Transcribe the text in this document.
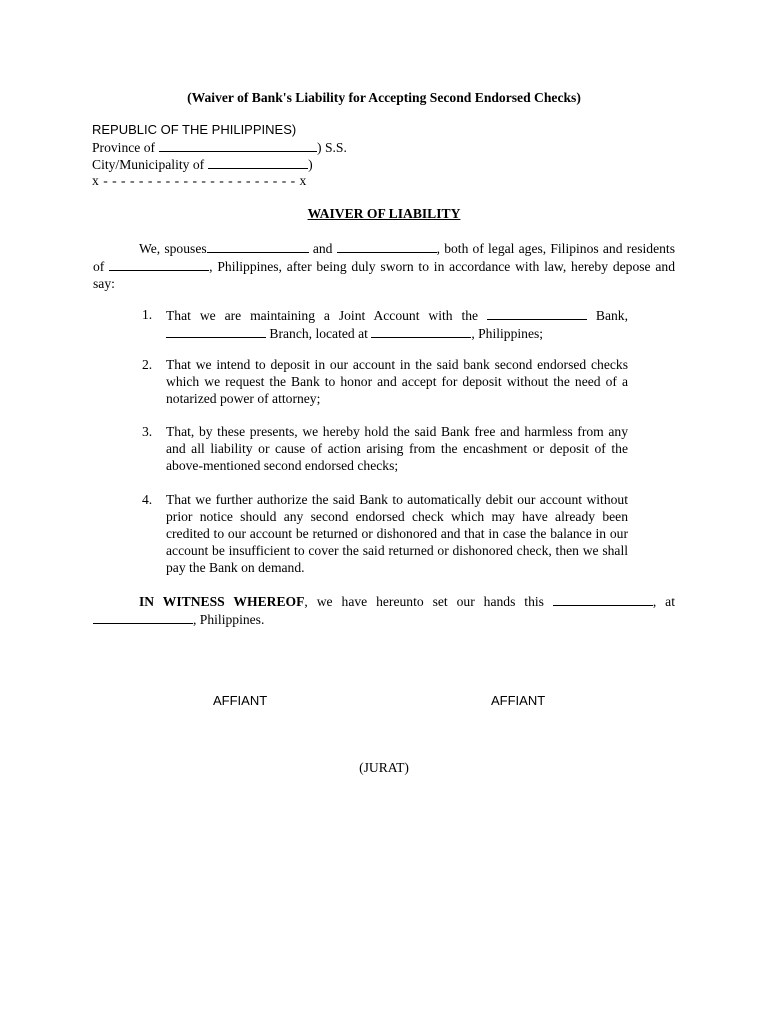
(Waiver of Bank's Liability for Accepting Second Endorsed Checks)
REPUBLIC OF THE PHILIPPINES)
Province of	) S.S.
City/Municipality of	)
x - - - - - - - - - - - - - - - - - - - - - - x
WAIVER OF LIABILITY
We, spouses	and	, both of legal ages, Filipinos and residents of	, Philippines, after being duly sworn to in accordance with law, hereby depose and say:
1.	That we are maintaining a Joint Account with the	Bank,  Branch, located at	, Philippines;
2.	That we intend to deposit in our account in the said bank second endorsed checks which we request the Bank to honor and accept for deposit without the need of a notarized power of attorney;
3.	That, by these presents, we hereby hold the said Bank free and harmless from any and all liability or cause of action arising from the encashment or deposit of the above-mentioned second endorsed checks;
4.	That we further authorize the said Bank to automatically debit our account without prior notice should any second endorsed check which may have already been credited to our account be returned or dishonored and that in case the balance in our account be insufficient to cover the said returned or dishonored check, then we shall pay the Bank on demand.
IN WITNESS WHEREOF, we have hereunto set our hands this	, at , Philippines.
AFFIANT	AFFIANT
(JURAT)
